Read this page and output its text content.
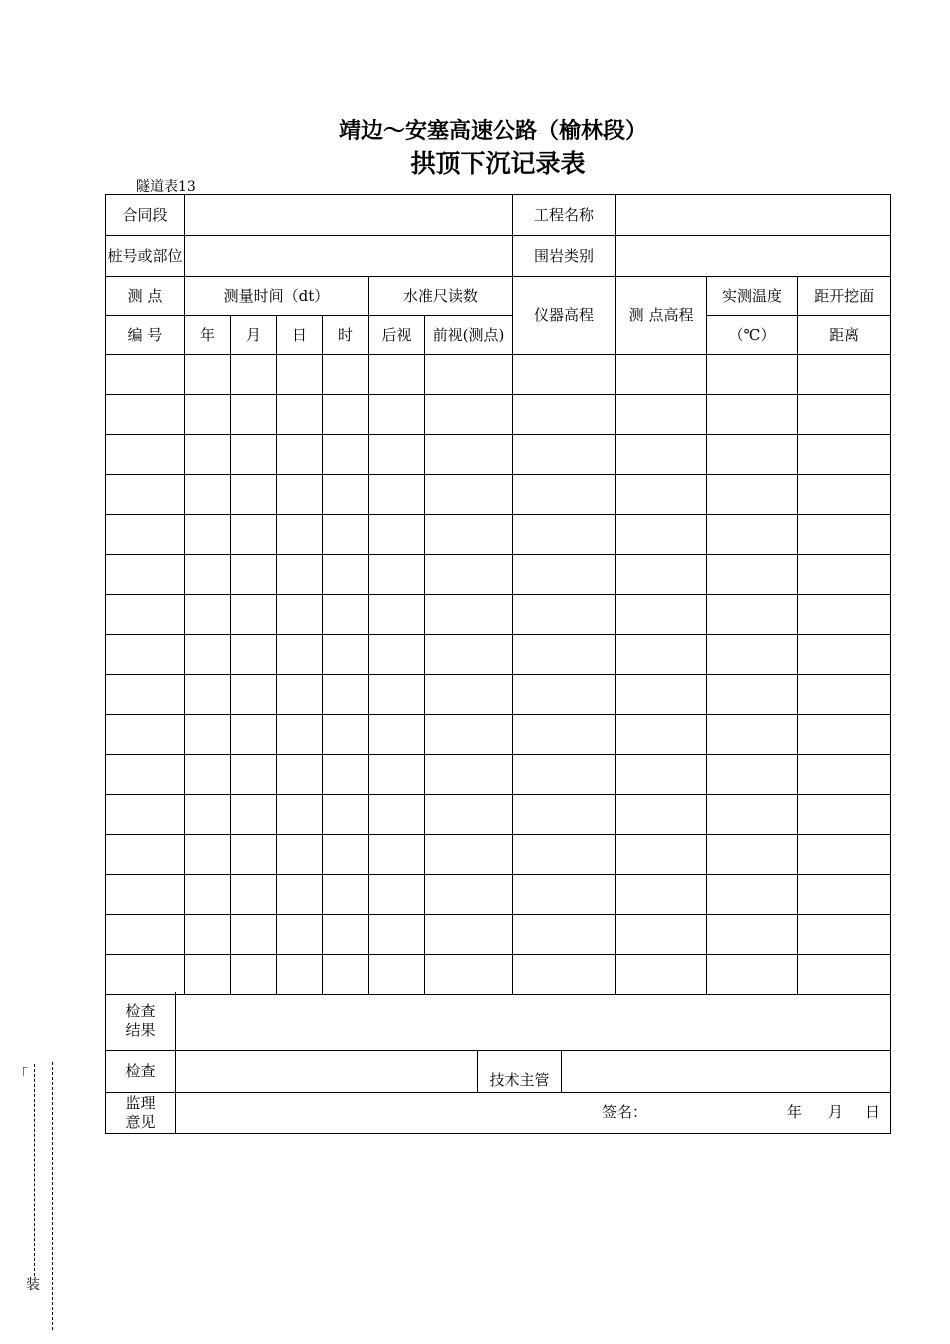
靖边～安塞高速公路（榆林段）
拱顶下沉记录表
隧道表13
合同段							工程名称			
桩号或部位							围岩类别			
测 点	测量时间（dt）				水准尺读数		仪器高程	测 点高程	实测温度	距开挖面
编 号	年	月	日	时	后视	前视(测点)			（℃）	距离

检查
结果			
检查		技术主管	
监理
意见	签名： 年 月 日		
「
装
